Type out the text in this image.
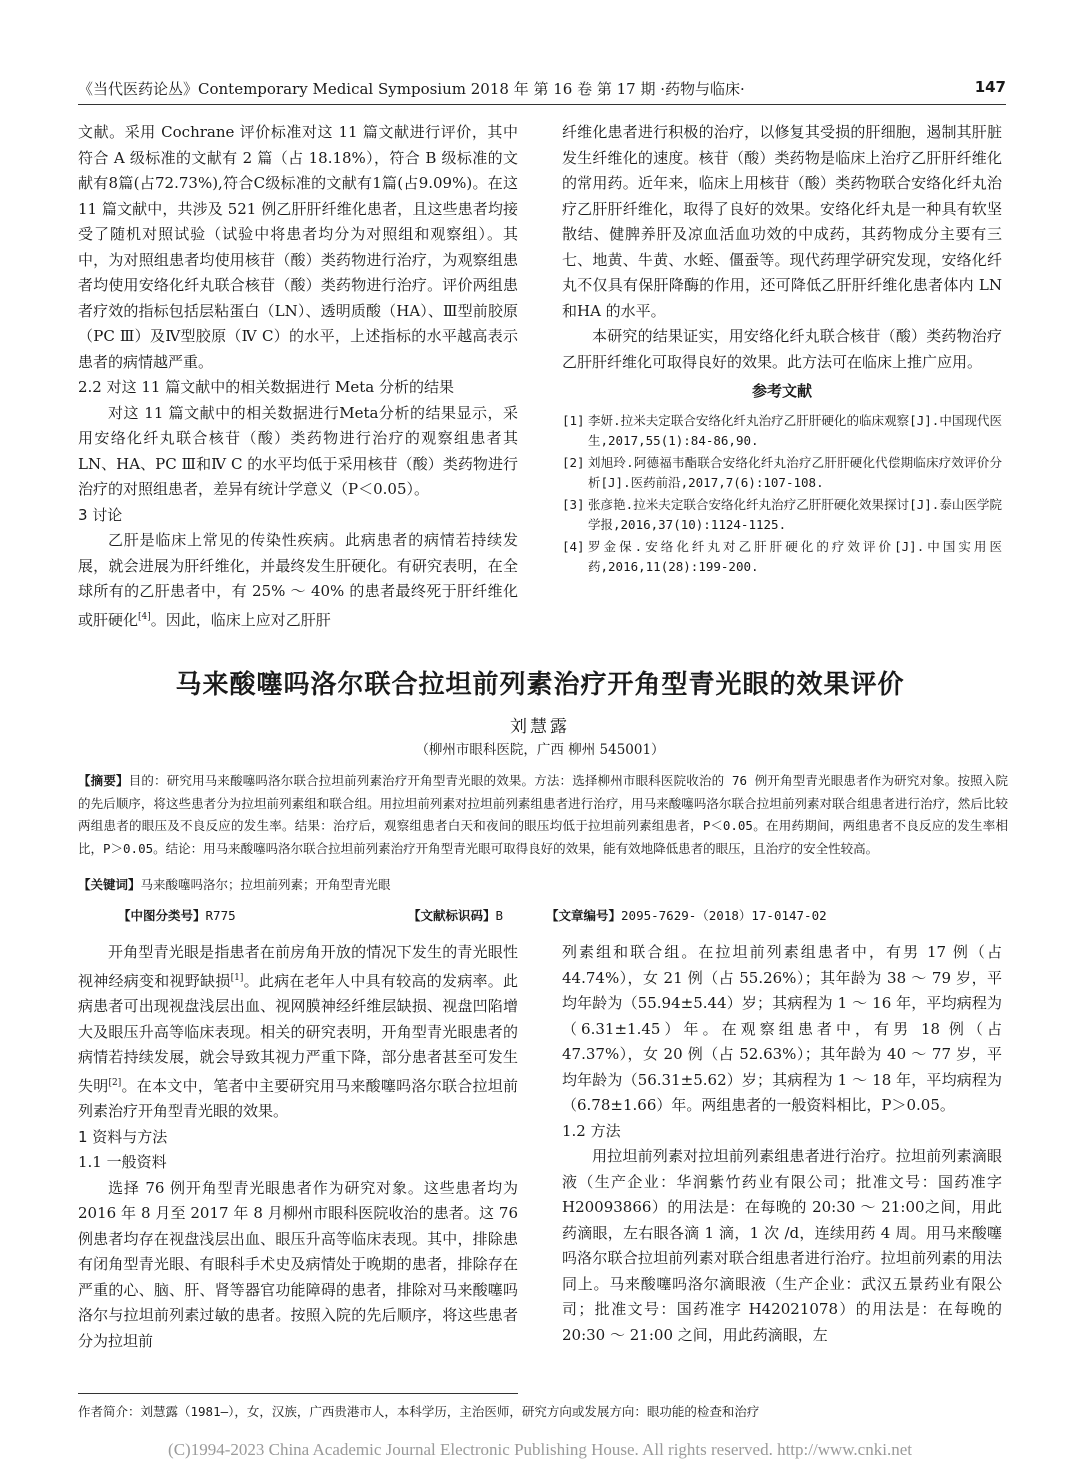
《当代医药论丛》Contemporary Medical Symposium 2018 年 第 16 卷 第 17 期 ·药物与临床·	147

文献。采用 Cochrane 评价标准对这 11 篇文献进行评价，其中符合 A 级标准的文献有 2 篇（占 18.18%），符合 B 级标准的文献有8篇(占72.73%),符合C级标准的文献有1篇(占9.09%)。在这 11 篇文献中，共涉及 521 例乙肝肝纤维化患者，且这些患者均接受了随机对照试验（试验中将患者均分为对照组和观察组）。其中，为对照组患者均使用核苷（酸）类药物进行治疗，为观察组患者均使用安络化纤丸联合核苷（酸）类药物进行治疗。评价两组患者疗效的指标包括层粘蛋白（LN）、透明质酸（HA）、Ⅲ型前胶原（PC Ⅲ）及Ⅳ型胶原（Ⅳ C）的水平，上述指标的水平越高表示患者的病情越严重。

2.2 对这 11 篇文献中的相关数据进行 Meta 分析的结果

对这 11 篇文献中的相关数据进行Meta分析的结果显示，采用安络化纤丸联合核苷（酸）类药物进行治疗的观察组患者其LN、HA、PC Ⅲ和Ⅳ C 的水平均低于采用核苷（酸）类药物进行治疗的对照组患者，差异有统计学意义（P＜0.05）。

3 讨论

乙肝是临床上常见的传染性疾病。此病患者的病情若持续发展，就会进展为肝纤维化，并最终发生肝硬化。有研究表明，在全球所有的乙肝患者中，有 25% ～ 40% 的患者最终死于肝纤维化或肝硬化[4]。因此，临床上应对乙肝肝

纤维化患者进行积极的治疗，以修复其受损的肝细胞，遏制其肝脏发生纤维化的速度。核苷（酸）类药物是临床上治疗乙肝肝纤维化的常用药。近年来，临床上用核苷（酸）类药物联合安络化纤丸治疗乙肝肝纤维化，取得了良好的效果。安络化纤丸是一种具有软坚散结、健脾养肝及凉血活血功效的中成药，其药物成分主要有三七、地黄、牛黄、水蛭、僵蚕等。现代药理学研究发现，安络化纤丸不仅具有保肝降酶的作用，还可降低乙肝肝纤维化患者体内 LN 和HA 的水平。

本研究的结果证实，用安络化纤丸联合核苷（酸）类药物治疗乙肝肝纤维化可取得良好的效果。此方法可在临床上推广应用。

参考文献
[1] 李妍.拉米夫定联合安络化纤丸治疗乙肝肝硬化的临床观察[J].中国现代医生,2017,55(1):84-86,90.
[2] 刘旭玲.阿德福韦酯联合安络化纤丸治疗乙肝肝硬化代偿期临床疗效评价分析[J].医药前沿,2017,7(6):107-108.
[3] 张彦艳.拉米夫定联合安络化纤丸治疗乙肝肝硬化效果探讨[J].泰山医学院学报,2016,37(10):1124-1125.
[4] 罗金保.安络化纤丸对乙肝肝硬化的疗效评价[J].中国实用医药,2016,11(28):199-200.
马来酸噻吗洛尔联合拉坦前列素治疗开角型青光眼的效果评价
刘慧露
（柳州市眼科医院，广西 柳州 545001）
【摘要】目的：研究用马来酸噻吗洛尔联合拉坦前列素治疗开角型青光眼的效果。方法：选择柳州市眼科医院收治的 76 例开角型青光眼患者作为研究对象。按照入院的先后顺序，将这些患者分为拉坦前列素组和联合组。用拉坦前列素对拉坦前列素组患者进行治疗，用马来酸噻吗洛尔联合拉坦前列素对联合组患者进行治疗，然后比较两组患者的眼压及不良反应的发生率。结果：治疗后，观察组患者白天和夜间的眼压均低于拉坦前列素组患者，P＜0.05。在用药期间，两组患者不良反应的发生率相比，P＞0.05。结论：用马来酸噻吗洛尔联合拉坦前列素治疗开角型青光眼可取得良好的效果，能有效地降低患者的眼压，且治疗的安全性较高。
【关键词】马来酸噻吗洛尔；拉坦前列素；开角型青光眼
【中图分类号】R775	【文献标识码】B	【文章编号】2095-7629-（2018）17-0147-02

开角型青光眼是指患者在前房角开放的情况下发生的青光眼性视神经病变和视野缺损[1]。此病在老年人中具有较高的发病率。此病患者可出现视盘浅层出血、视网膜神经纤维层缺损、视盘凹陷增大及眼压升高等临床表现。相关的研究表明，开角型青光眼患者的病情若持续发展，就会导致其视力严重下降，部分患者甚至可发生失明[2]。在本文中，笔者中主要研究用马来酸噻吗洛尔联合拉坦前列素治疗开角型青光眼的效果。

1 资料与方法

1.1 一般资料

选择 76 例开角型青光眼患者作为研究对象。这些患者均为 2016 年 8 月至 2017 年 8 月柳州市眼科医院收治的患者。这 76 例患者均存在视盘浅层出血、眼压升高等临床表现。其中，排除患有闭角型青光眼、有眼科手术史及病情处于晚期的患者，排除存在严重的心、脑、肝、肾等器官功能障碍的患者，排除对马来酸噻吗洛尔与拉坦前列素过敏的患者。按照入院的先后顺序，将这些患者分为拉坦前

列素组和联合组。在拉坦前列素组患者中，有男 17 例（占44.74%），女 21 例（占 55.26%）；其年龄为 38 ～ 79 岁，平均年龄为（55.94±5.44）岁；其病程为 1 ～ 16 年，平均病程为（6.31±1.45）年。在观察组患者中，有男 18 例（占47.37%），女 20 例（占 52.63%）；其年龄为 40 ～ 77 岁，平均年龄为（56.31±5.62）岁；其病程为 1 ～ 18 年，平均病程为（6.78±1.66）年。两组患者的一般资料相比，P＞0.05。

1.2 方法

用拉坦前列素对拉坦前列素组患者进行治疗。拉坦前列素滴眼液（生产企业：华润紫竹药业有限公司；批准文号：国药准字 H20093866）的用法是：在每晚的 20:30 ～ 21:00之间，用此药滴眼，左右眼各滴 1 滴，1 次 /d，连续用药 4 周。用马来酸噻吗洛尔联合拉坦前列素对联合组患者进行治疗。拉坦前列素的用法同上。马来酸噻吗洛尔滴眼液（生产企业：武汉五景药业有限公司；批准文号：国药准字 H42021078）的用法是：在每晚的 20:30 ～ 21:00 之间，用此药滴眼，左

作者简介：刘慧露（1981—），女，汉族，广西贵港市人，本科学历，主治医师，研究方向或发展方向：眼功能的检查和治疗
(C)1994-2023 China Academic Journal Electronic Publishing House. All rights reserved. http://www.cnki.net
